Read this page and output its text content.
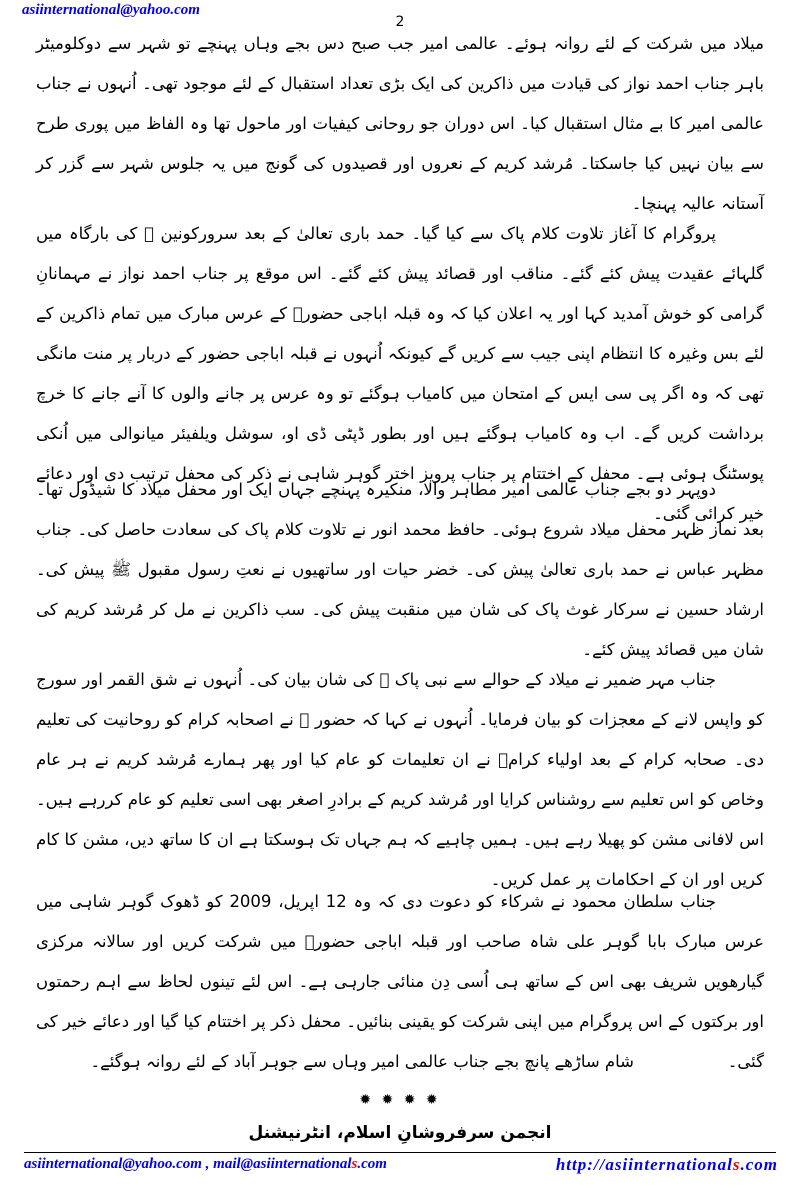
asiinternational@yahoo.com
2
میلاد میں شرکت کے لئے روانہ ہوئے۔ عالمی امیر جب صبح دس بجے وہاں پہنچے تو شہر سے دوکلومیٹر باہر جناب احمد نواز کی قیادت میں ذاکرین کی ایک بڑی تعداد استقبال کے لئے موجود تھی۔ اُنہوں نے جناب عالمی امیر کا بے مثال استقبال کیا۔ اس دوران جو روحانی کیفیات اور ماحول تھا وہ الفاظ میں پوری طرح سے بیان نہیں کیا جاسکتا۔ مُرشد کریم کے نعروں اور قصیدوں کی گونج میں یہ جلوس شہر سے گزر کر آستانہ عالیہ پہنچا۔
پروگرام کا آغاز تلاوت کلام پاک سے کیا گیا۔ حمد باری تعالیٰ کے بعد سرورکونین ﷺ کی بارگاہ میں گلہائے عقیدت پیش کئے گئے۔ مناقب اور قصائد پیش کئے گئے۔ اس موقع پر جناب احمد نواز نے مہمانانِ گرامی کو خوش آمدید کہا اور یہ اعلان کیا کہ وہ قبلہ اباجی حضورؒ کے عرس مبارک میں تمام ذاکرین کے لئے بس وغیرہ کا انتظام اپنی جیب سے کریں گے کیونکہ اُنہوں نے قبلہ اباجی حضور کے دربار پر منت مانگی تھی کہ وہ اگر پی سی ایس کے امتحان میں کامیاب ہوگئے تو وہ عرس پر جانے والوں کا آنے جانے کا خرچ برداشت کریں گے۔ اب وہ کامیاب ہوگئے ہیں اور بطور ڈپٹی ڈی او، سوشل ویلفیئر میانوالی میں اُنکی پوسٹنگ ہوئی ہے۔ محفل کے اختتام پر جناب پرویز اختر گوہر شاہی نے ذکر کی محفل ترتیب دی اور دعائے خیر کرائی گئی۔
دوپہر دو بجے جناب عالمی امیر مطاہر والا، منکیرہ پہنچے جہاں ایک اور محفل میلاد کا شیڈول تھا۔ بعد نماز ظہر محفل میلاد شروع ہوئی۔ حافظ محمد انور نے تلاوت کلام پاک کی سعادت حاصل کی۔ جناب مظہر عباس نے حمد باری تعالیٰ پیش کی۔ خضر حیات اور ساتھیوں نے نعتِ رسول مقبول ﷺ پیش کی۔ ارشاد حسین نے سرکار غوث پاک کی شان میں منقبت پیش کی۔ سب ذاکرین نے مل کر مُرشد کریم کی شان میں قصائد پیش کئے۔
جناب مہر ضمیر نے میلاد کے حوالے سے نبی پاک ﷺ کی شان بیان کی۔ اُنہوں نے شق القمر اور سورج کو واپس لانے کے معجزات کو بیان فرمایا۔ اُنہوں نے کہا کہ حضور ﷺ نے اصحابہ کرام کو روحانیت کی تعلیم دی۔ صحابہ کرام کے بعد اولیاء کرامؒ نے ان تعلیمات کو عام کیا اور پھر ہمارے مُرشد کریم نے ہر عام وخاص کو اس تعلیم سے روشناس کرایا اور مُرشد کریم کے برادرِ اصغر بھی اسی تعلیم کو عام کررہے ہیں۔ اس لافانی مشن کو پھیلا رہے ہیں۔ ہمیں چاہیے کہ ہم جہاں تک ہوسکتا ہے ان کا ساتھ دیں، مشن کا کام کریں اور ان کے احکامات پر عمل کریں۔
جناب سلطان محمود نے شرکاء کو دعوت دی کہ وہ 12 اپریل، 2009 کو ڈھوک گوہر شاہی میں عرس مبارک بابا گوہر علی شاہ صاحب اور قبلہ اباجی حضورؒ میں شرکت کریں اور سالانہ مرکزی گیارھویں شریف بھی اس کے ساتھ ہی اُسی دِن منائی جارہی ہے۔ اس لئے تینوں لحاظ سے اہم رحمتوں اور برکتوں کے اس پروگرام میں اپنی شرکت کو یقینی بنائیں۔ محفل ذکر پر اختتام کیا گیا اور دعائے خیر کی گئی۔
شام ساڑھے پانچ بجے جناب عالمی امیر وہاں سے جوہر آباد کے لئے روانہ ہوگئے۔
✹ ✹ ✹ ✹
انجمن سرفروشانِ اسلام، انٹرنیشنل
asiinternational@yahoo.com , mail@asiinternationals.com	http://asiinternationals.com
